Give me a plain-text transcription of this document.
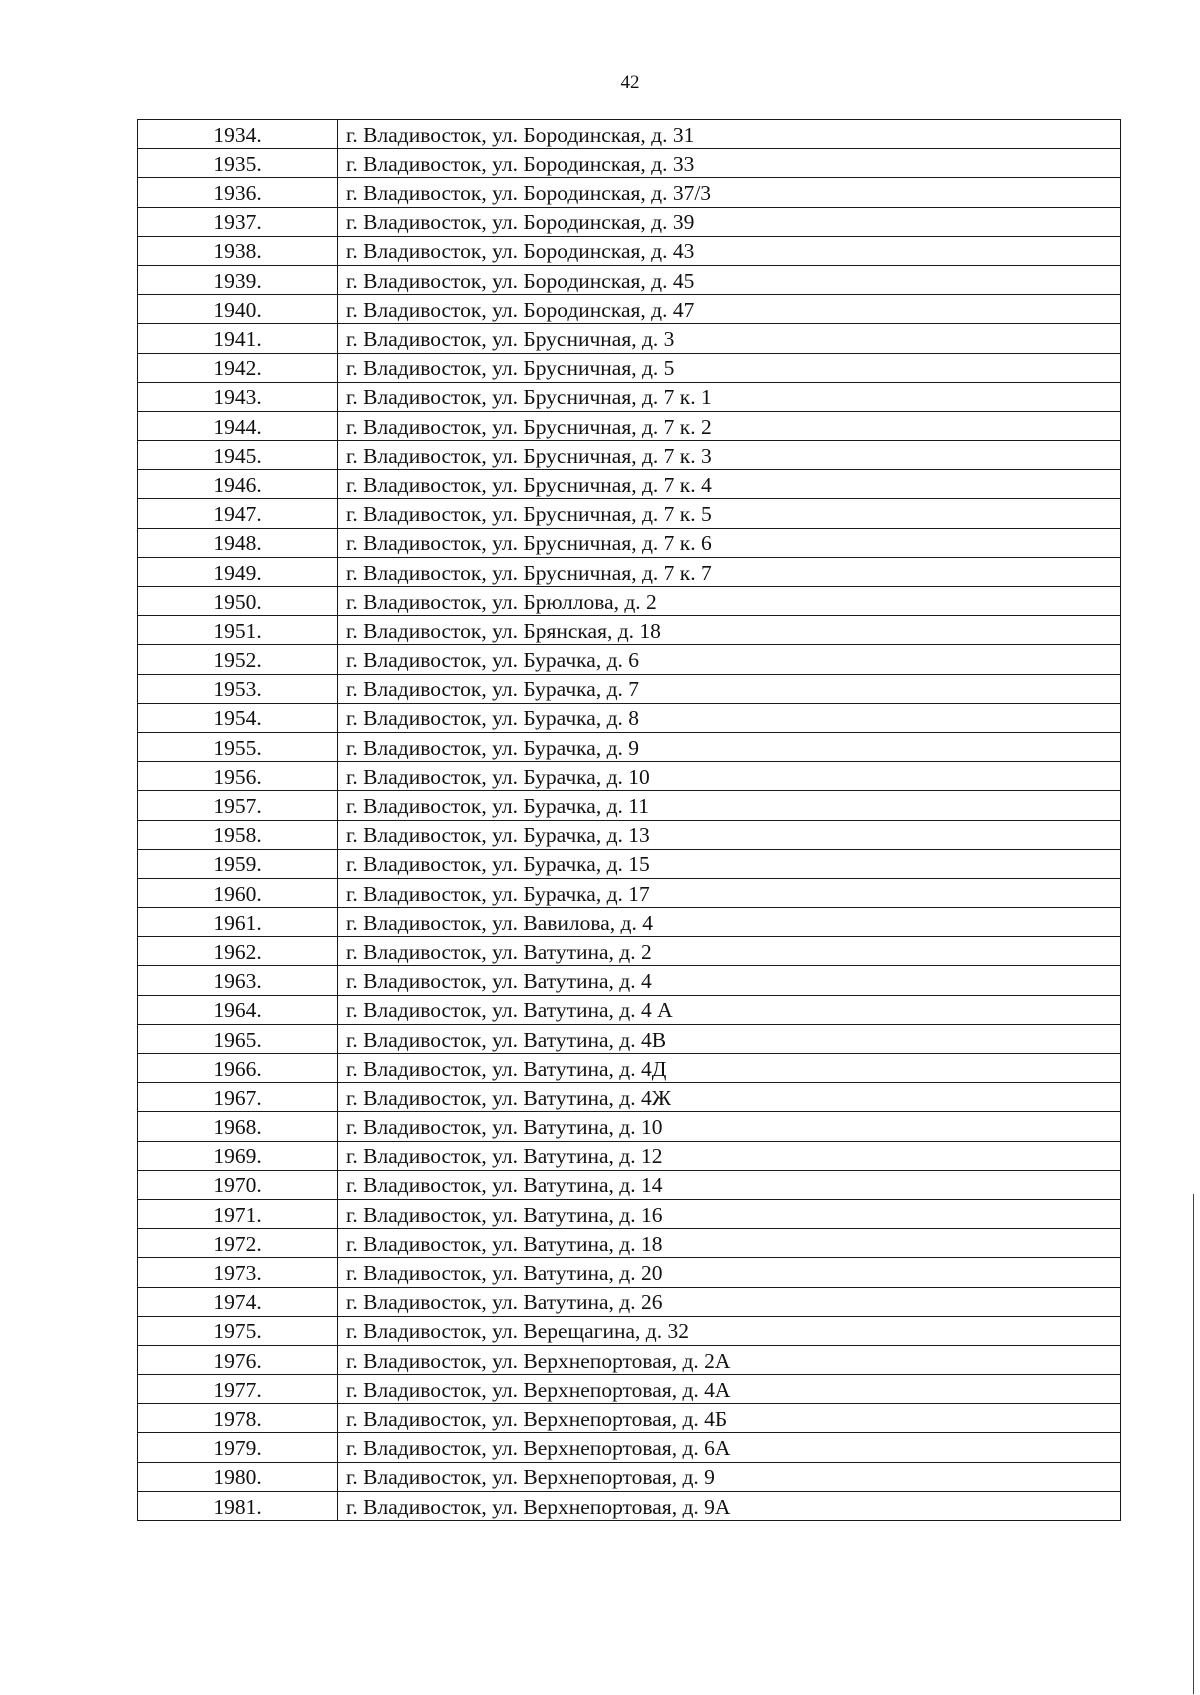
42
1934.	г. Владивосток, ул. Бородинская, д. 31
1935.	г. Владивосток, ул. Бородинская, д. 33
1936.	г. Владивосток, ул. Бородинская, д. 37/3
1937.	г. Владивосток, ул. Бородинская, д. 39
1938.	г. Владивосток, ул. Бородинская, д. 43
1939.	г. Владивосток, ул. Бородинская, д. 45
1940.	г. Владивосток, ул. Бородинская, д. 47
1941.	г. Владивосток, ул. Брусничная, д. 3
1942.	г. Владивосток, ул. Брусничная, д. 5
1943.	г. Владивосток, ул. Брусничная, д. 7 к. 1
1944.	г. Владивосток, ул. Брусничная, д. 7 к. 2
1945.	г. Владивосток, ул. Брусничная, д. 7 к. 3
1946.	г. Владивосток, ул. Брусничная, д. 7 к. 4
1947.	г. Владивосток, ул. Брусничная, д. 7 к. 5
1948.	г. Владивосток, ул. Брусничная, д. 7 к. 6
1949.	г. Владивосток, ул. Брусничная, д. 7 к. 7
1950.	г. Владивосток, ул. Брюллова, д. 2
1951.	г. Владивосток, ул. Брянская, д. 18
1952.	г. Владивосток, ул. Бурачка, д. 6
1953.	г. Владивосток, ул. Бурачка, д. 7
1954.	г. Владивосток, ул. Бурачка, д. 8
1955.	г. Владивосток, ул. Бурачка, д. 9
1956.	г. Владивосток, ул. Бурачка, д. 10
1957.	г. Владивосток, ул. Бурачка, д. 11
1958.	г. Владивосток, ул. Бурачка, д. 13
1959.	г. Владивосток, ул. Бурачка, д. 15
1960.	г. Владивосток, ул. Бурачка, д. 17
1961.	г. Владивосток, ул. Вавилова, д. 4
1962.	г. Владивосток, ул. Ватутина, д. 2
1963.	г. Владивосток, ул. Ватутина, д. 4
1964.	г. Владивосток, ул. Ватутина, д. 4 А
1965.	г. Владивосток, ул. Ватутина, д. 4В
1966.	г. Владивосток, ул. Ватутина, д. 4Д
1967.	г. Владивосток, ул. Ватутина, д. 4Ж
1968.	г. Владивосток, ул. Ватутина, д. 10
1969.	г. Владивосток, ул. Ватутина, д. 12
1970.	г. Владивосток, ул. Ватутина, д. 14
1971.	г. Владивосток, ул. Ватутина, д. 16
1972.	г. Владивосток, ул. Ватутина, д. 18
1973.	г. Владивосток, ул. Ватутина, д. 20
1974.	г. Владивосток, ул. Ватутина, д. 26
1975.	г. Владивосток, ул. Верещагина, д. 32
1976.	г. Владивосток, ул. Верхнепортовая, д. 2А
1977.	г. Владивосток, ул. Верхнепортовая, д. 4А
1978.	г. Владивосток, ул. Верхнепортовая, д. 4Б
1979.	г. Владивосток, ул. Верхнепортовая, д. 6А
1980.	г. Владивосток, ул. Верхнепортовая, д. 9
1981.	г. Владивосток, ул. Верхнепортовая, д. 9А
